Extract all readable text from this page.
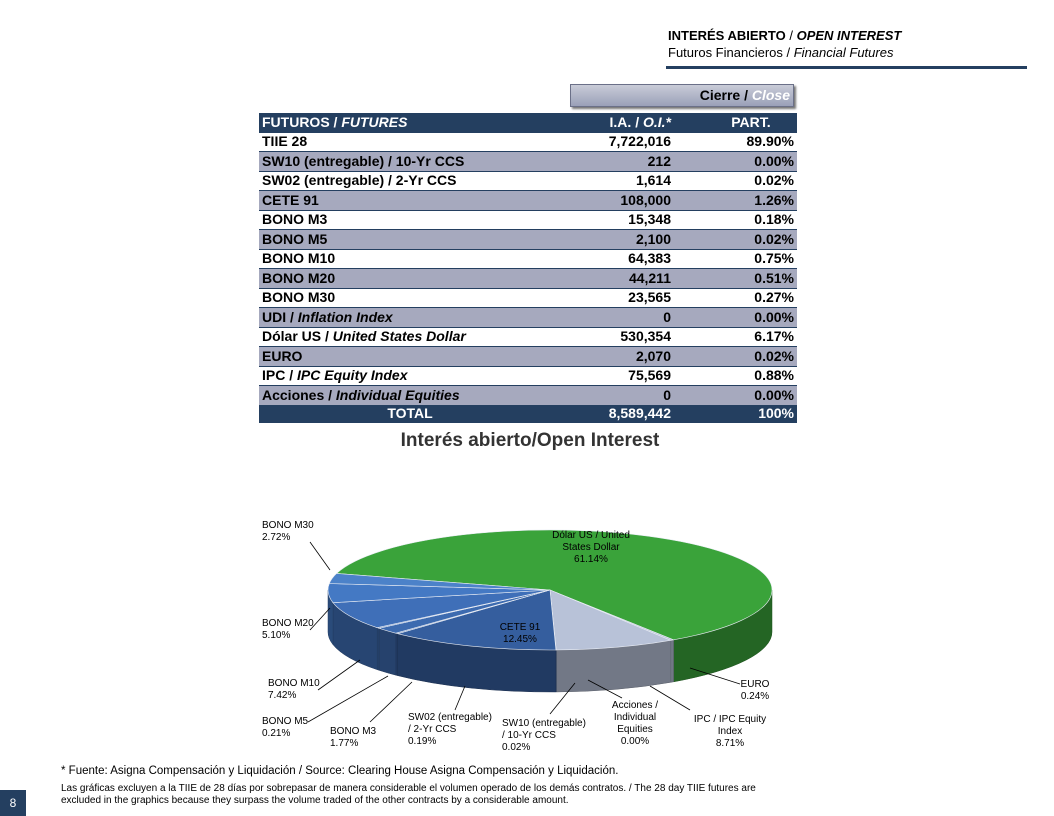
INTERÉS ABIERTO / OPEN INTEREST
Futuros Financieros / Financial Futures
Cierre / Close
FUTUROS / FUTURES	I.A. / O.I.*	PART.
TIIE 28	7,722,016	89.90%
SW10 (entregable) / 10-Yr CCS	212	0.00%
SW02 (entregable) / 2-Yr CCS	1,614	0.02%
CETE 91	108,000	1.26%
BONO M3	15,348	0.18%
BONO M5	2,100	0.02%
BONO M10	64,383	0.75%
BONO M20	44,211	0.51%
BONO M30	23,565	0.27%
UDI / Inflation Index	0	0.00%
Dólar US / United States Dollar	530,354	6.17%
EURO	2,070	0.02%
IPC / IPC Equity Index	75,569	0.88%
Acciones / Individual Equities	0	0.00%
TOTAL	8,589,442	100%
Interés abierto/Open Interest
Dólar US / United States Dollar 61.14%
CETE 91 12.45%
BONO M30 2.72%
BONO M20 5.10%
BONO M10 7.42%
BONO M5 0.21%	BONO M3 1.77%
SW02 (entregable) / 2-Yr CCS 0.19%
SW10 (entregable) / 10-Yr CCS 0.02%
Acciones / Individual Equities 0.00%
IPC / IPC Equity Index 8.71%
EURO 0.24%
* Fuente: Asigna Compensación y Liquidación / Source: Clearing House Asigna Compensación y Liquidación.
Las gráficas excluyen a la TIIE de 28 días por sobrepasar de manera considerable el volumen operado de los demás contratos. / The 28 day TIIE futures are
excluded in the graphics because they surpass the volume traded of the other contracts by a considerable amount.
8
